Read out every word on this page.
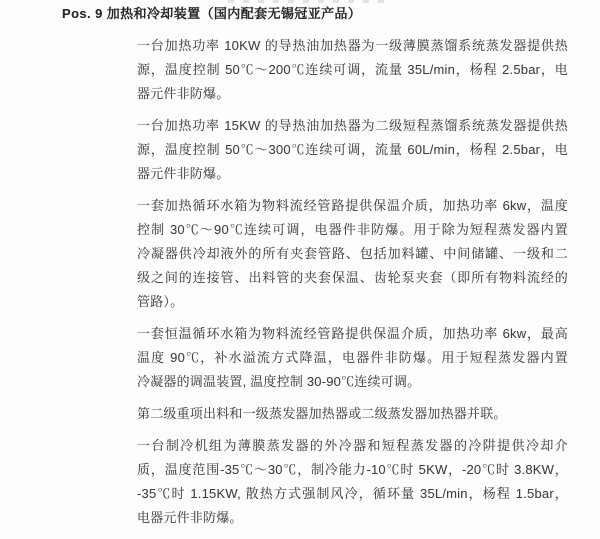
Pos. 9 加热和冷却装置（国内配套无锡冠亚产品）
一台加热功率 10KW 的导热油加热器为一级薄膜蒸馏系统蒸发器提供热
源，温度控制 50℃～200℃连续可调，流量 35L/min，杨程 2.5bar，电
器元件非防爆。
一台加热功率 15KW 的导热油加热器为二级短程蒸馏系统蒸发器提供热
源，温度控制 50℃～300℃连续可调，流量 60L/min，杨程 2.5bar，电
器元件非防爆。
一套加热循环水箱为物料流经管路提供保温介质，加热功率 6kw，温度
控制 30℃～90℃连续可调，电器件非防爆。用于除为短程蒸发器内置
冷凝器供冷却液外的所有夹套管路、包括加料罐、中间储罐、一级和二
级之间的连接管、出料管的夹套保温、齿轮泵夹套（即所有物料流经的
管路）。
一套恒温循环水箱为物料流经管路提供保温介质，加热功率 6kw，最高
温度 90℃，补水溢流方式降温，电器件非防爆。用于短程蒸发器内置
冷凝器的调温装置, 温度控制 30-90℃连续可调。
第二级重项出料和一级蒸发器加热器或二级蒸发器加热器并联。
一台制冷机组为薄膜蒸发器的外冷器和短程蒸发器的冷阱提供冷却介
质，温度范围-35℃～30℃，制冷能力-10℃时 5KW，-20℃时 3.8KW，
-35℃时 1.15KW, 散热方式强制风冷，循环量 35L/min，杨程 1.5bar，
电器元件非防爆。
